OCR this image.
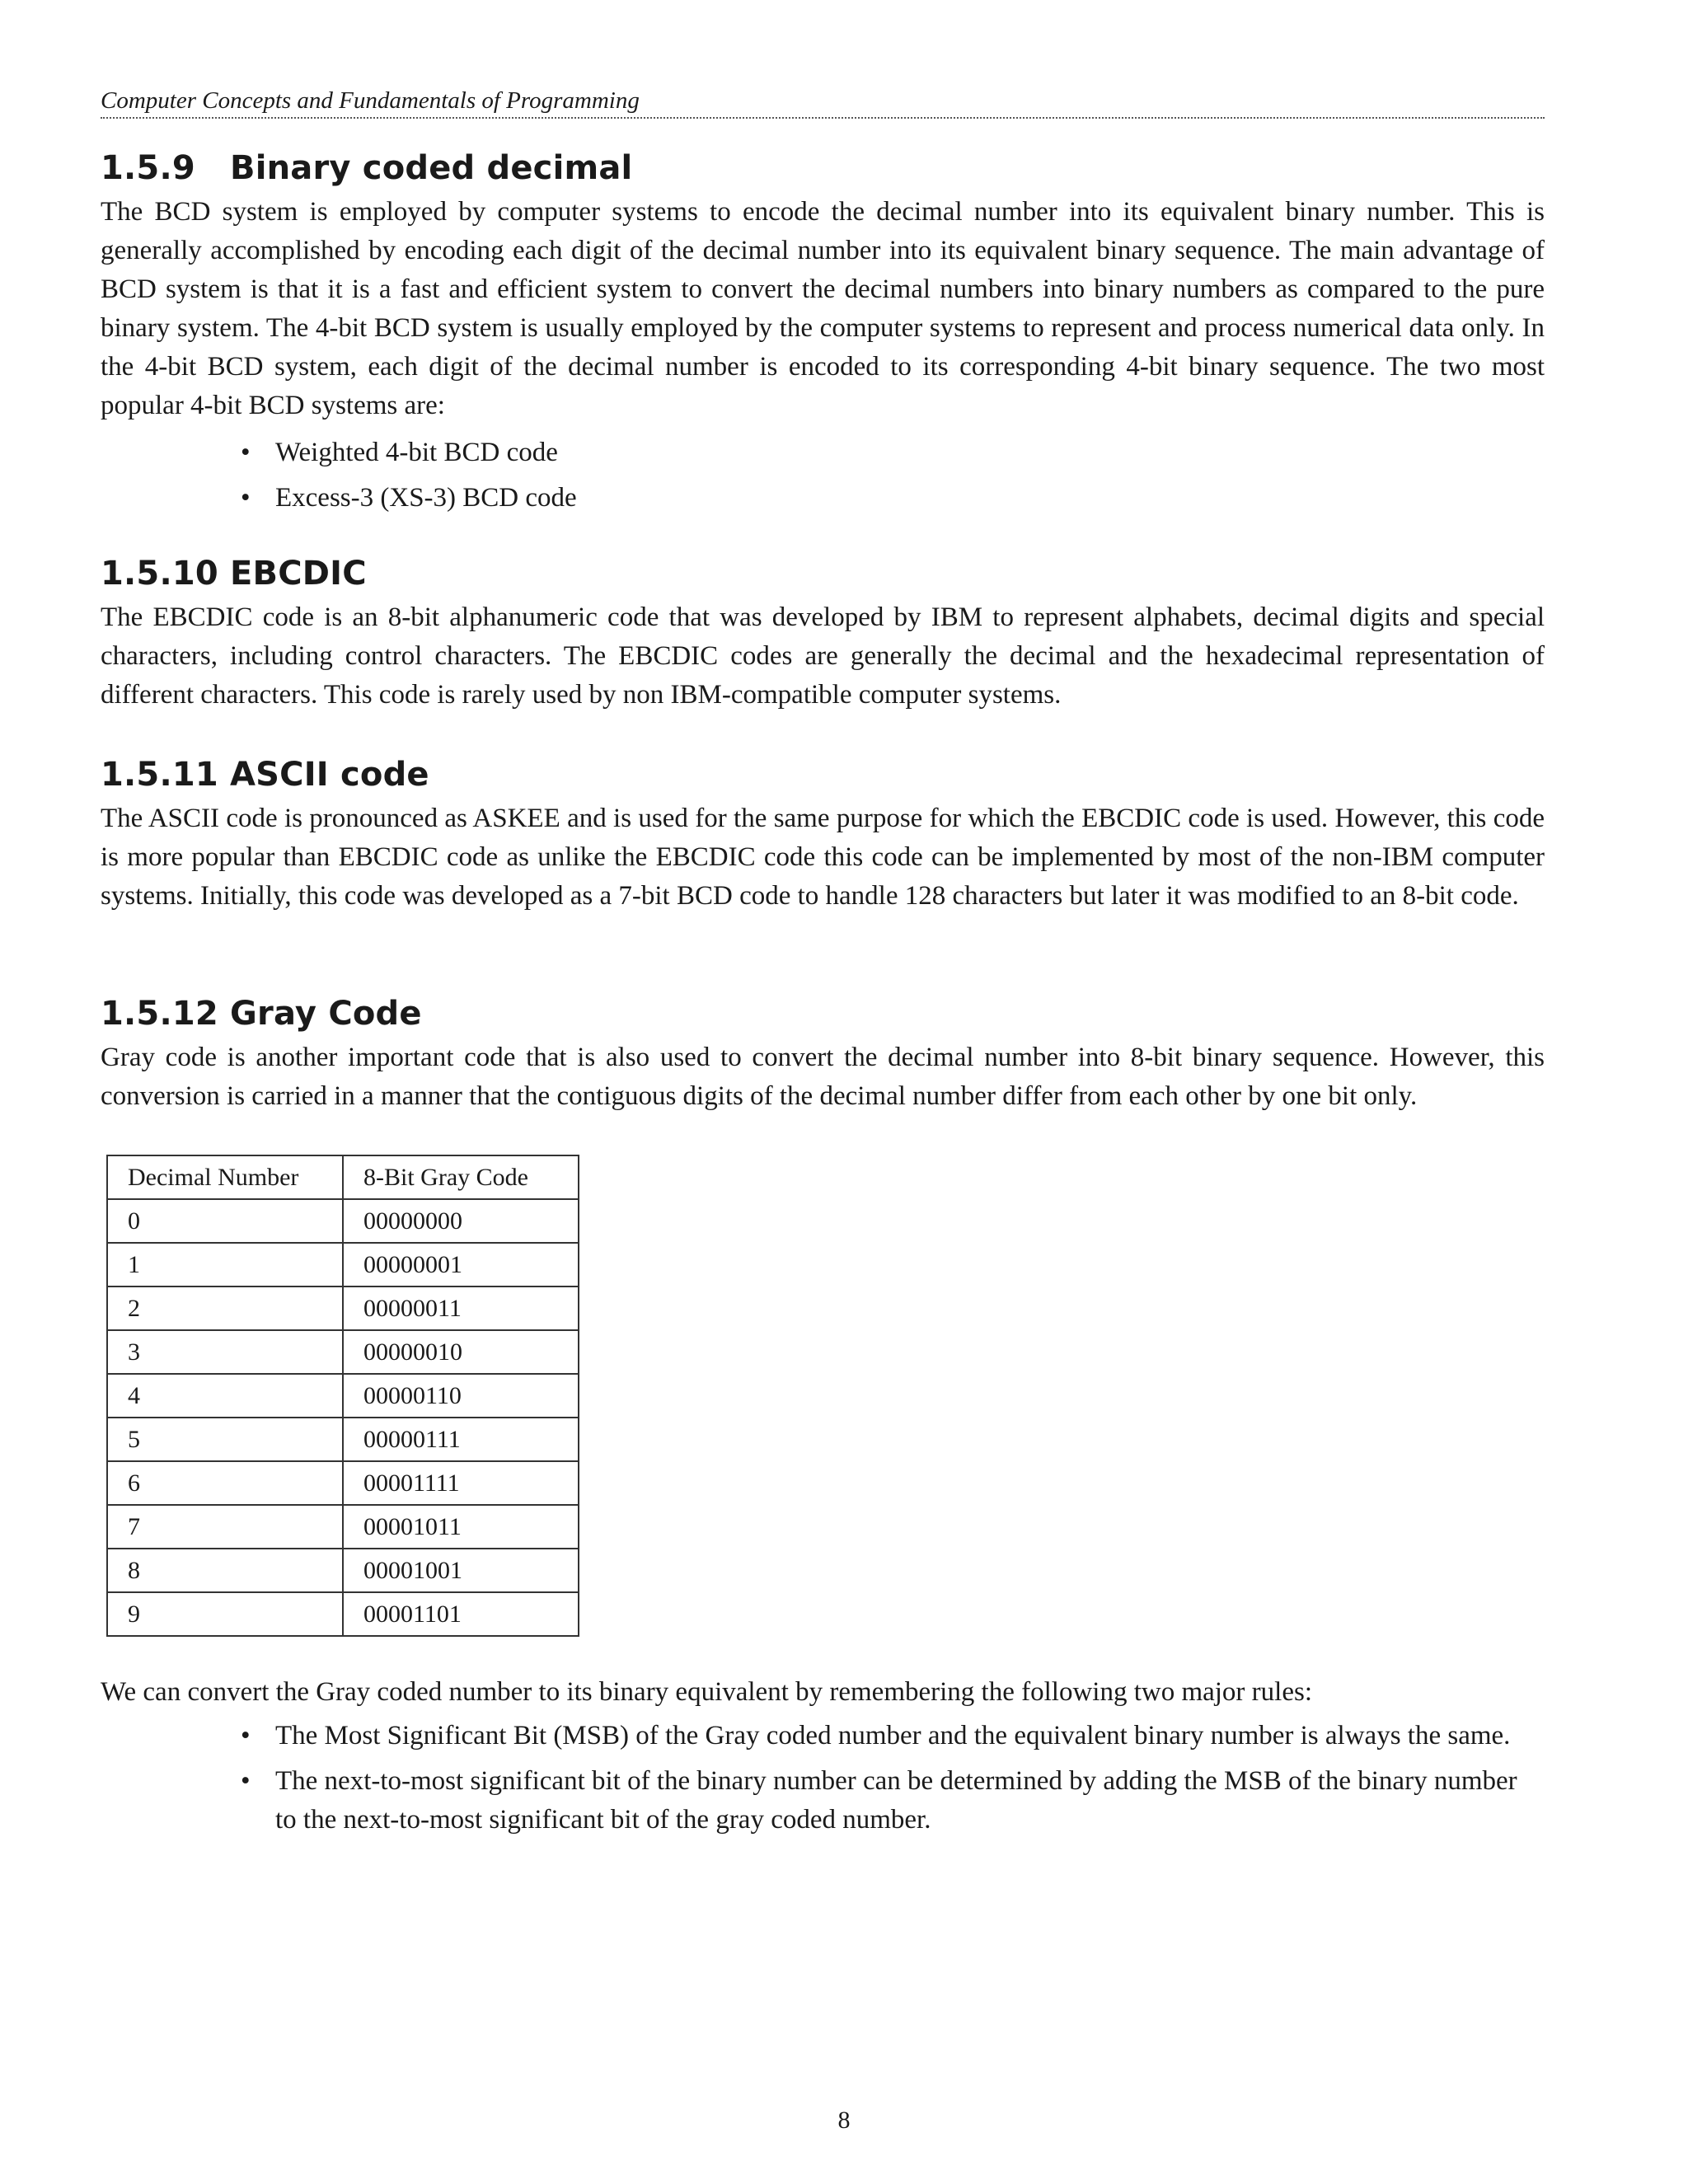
Computer Concepts and Fundamentals of Programming
1.5.9 Binary coded decimal

The BCD system is employed by computer systems to encode the decimal number into its equivalent binary number. This is generally accomplished by encoding each digit of the decimal number into its equivalent binary sequence. The main advantage of BCD system is that it is a fast and efficient system to convert the decimal numbers into binary numbers as compared to the pure binary system. The 4-bit BCD system is usually employed by the computer systems to represent and process numerical data only. In the 4-bit BCD system, each digit of the decimal number is encoded to its corresponding 4-bit binary sequence. The two most popular 4-bit BCD systems are:

• Weighted 4-bit BCD code
• Excess-3 (XS-3) BCD code
1.5.10 EBCDIC

The EBCDIC code is an 8-bit alphanumeric code that was developed by IBM to represent alphabets, decimal digits and special characters, including control characters. The EBCDIC codes are generally the decimal and the hexadecimal representation of different characters. This code is rarely used by non IBM-compatible computer systems.

1.5.11 ASCII code

The ASCII code is pronounced as ASKEE and is used for the same purpose for which the EBCDIC code is used. However, this code is more popular than EBCDIC code as unlike the EBCDIC code this code can be implemented by most of the non-IBM computer systems. Initially, this code was developed as a 7-bit BCD code to handle 128 characters but later it was modified to an 8-bit code.

1.5.12 Gray Code

Gray code is another important code that is also used to convert the decimal number into 8-bit binary sequence. However, this conversion is carried in a manner that the contiguous digits of the decimal number differ from each other by one bit only.

Decimal Number	8-Bit Gray Code
0	00000000
1	00000001
2	00000011
3	00000010
4	00000110
5	00000111
6	00001111
7	00001011
8	00001001
9	00001101

We can convert the Gray coded number to its binary equivalent by remembering the following two major rules:

• The Most Significant Bit (MSB) of the Gray coded number and the equivalent binary number is always the same.
• The next-to-most significant bit of the binary number can be determined by adding the MSB of the binary number to the next-to-most significant bit of the gray coded number.
8
